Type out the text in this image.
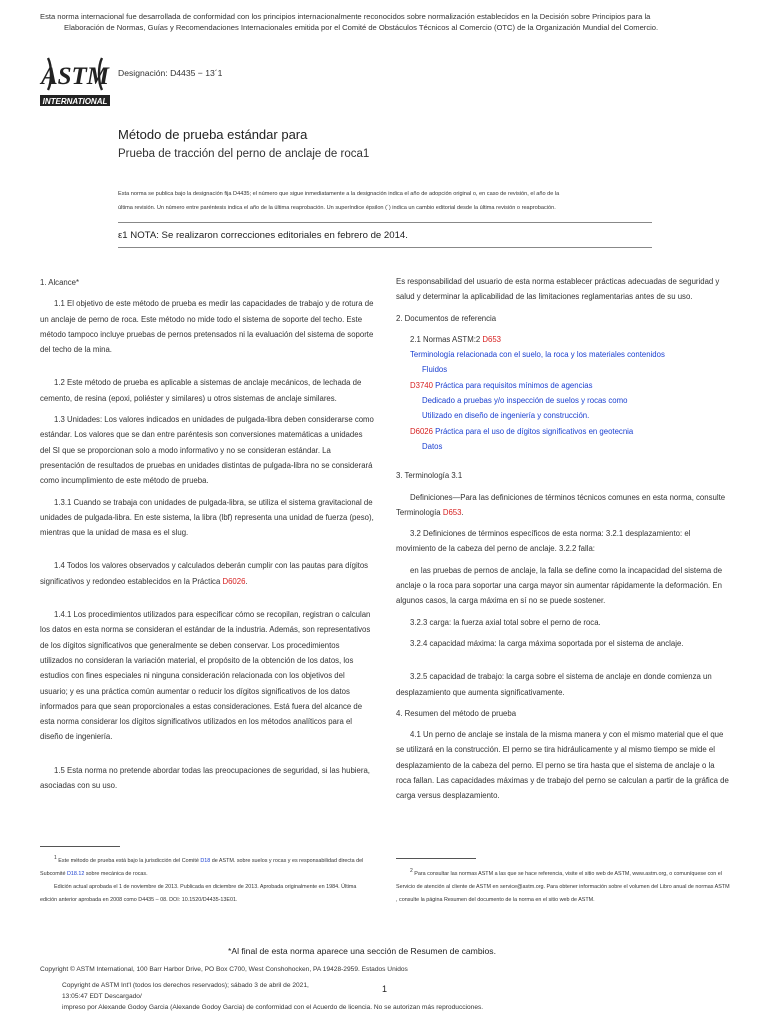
Esta norma internacional fue desarrollada de conformidad con los principios internacionalmente reconocidos sobre normalización establecidos en la Decisión sobre Principios para la
Elaboración de Normas, Guías y Recomendaciones Internacionales emitida por el Comité de Obstáculos Técnicos al Comercio (OTC) de la Organización Mundial del Comercio.
ASTM
INTERNATIONAL
Designación: D4435 − 13´1
Método de prueba estándar para
Prueba de tracción del perno de anclaje de roca1
Esta norma se publica bajo la designación fija D4435; el número que sigue inmediatamente a la designación indica el año de adopción original o, en caso de revisión, el año de la
última revisión. Un número entre paréntesis indica el año de la última reaprobación. Un superíndice épsilon (´) indica un cambio editorial desde la última revisión o reaprobación.
ε1 NOTA: Se realizaron correcciones editoriales en febrero de 2014.

1. Alcance*

1.1 El objetivo de este método de prueba es medir las capacidades de trabajo y de rotura de un anclaje de perno de roca. Este método no mide todo el sistema de soporte del techo. Este método tampoco incluye pruebas de pernos pretensados ni la evaluación del sistema de soporte del techo de la mina.

1.2 Este método de prueba es aplicable a sistemas de anclaje mecánicos, de lechada de cemento, de resina (epoxi, poliéster y similares) u otros sistemas de anclaje similares.

1.3 Unidades: Los valores indicados en unidades de pulgada-libra deben considerarse como estándar. Los valores que se dan entre paréntesis son conversiones matemáticas a unidades del SI que se proporcionan solo a modo informativo y no se consideran estándar. La presentación de resultados de pruebas en unidades distintas de pulgada-libra no se considerará como incumplimiento de este método de prueba.

1.3.1 Cuando se trabaja con unidades de pulgada-libra, se utiliza el sistema gravitacional de unidades de pulgada-libra. En este sistema, la libra (lbf) representa una unidad de fuerza (peso), mientras que la unidad de masa es el slug.

1.4 Todos los valores observados y calculados deberán cumplir con las pautas para dígitos significativos y redondeo establecidos en la Práctica D6026.

1.4.1 Los procedimientos utilizados para especificar cómo se recopilan, registran o calculan los datos en esta norma se consideran el estándar de la industria. Además, son representativos de los dígitos significativos que generalmente se deben conservar. Los procedimientos utilizados no consideran la variación material, el propósito de la obtención de los datos, los estudios con fines especiales ni ninguna consideración relacionada con los objetivos del usuario; y es una práctica común aumentar o reducir los dígitos significativos de los datos informados para que sean proporcionales a estas consideraciones. Está fuera del alcance de esta norma considerar los dígitos significativos utilizados en los métodos analíticos para el diseño de ingeniería.

1.5 Esta norma no pretende abordar todas las preocupaciones de seguridad, si las hubiera, asociadas con su uso.

$^1$ Este método de prueba está bajo la jurisdicción del Comité D18 de ASTM. sobre suelos y rocas y es responsabilidad directa del Subcomité D18.12 sobre mecánica de rocas.
Edición actual aprobada el 1 de noviembre de 2013. Publicada en diciembre de 2013. Aprobada originalmente en 1984. Última edición anterior aprobada en 2008 como D4435 – 08. DOI: 10.1520/D4435-13E01.

Es responsabilidad del usuario de esta norma establecer prácticas adecuadas de seguridad y salud y determinar la aplicabilidad de las limitaciones reglamentarias antes de su uso.

2. Documentos de referencia

2.1 Normas ASTM:2 D653

Terminología relacionada con el suelo, la roca y los materiales contenidos

Fluidos

D3740 Práctica para requisitos mínimos de agencias

Dedicado a pruebas y/o inspección de suelos y rocas como

Utilizado en diseño de ingeniería y construcción.

D6026 Práctica para el uso de dígitos significativos en geotecnia

Datos

3. Terminología 3.1

Definiciones—Para las definiciones de términos técnicos comunes en esta norma, consulte Terminología D653.

3.2 Definiciones de términos específicos de esta norma: 3.2.1 desplazamiento: el movimiento de la cabeza del perno de anclaje. 3.2.2 falla:

en las pruebas de pernos de anclaje, la falla se define como la incapacidad del sistema de anclaje o la roca para soportar una carga mayor sin aumentar rápidamente la deformación. En algunos casos, la carga máxima en sí no se puede sostener.

3.2.3 carga: la fuerza axial total sobre el perno de roca.

3.2.4 capacidad máxima: la carga máxima soportada por el sistema de anclaje.

3.2.5 capacidad de trabajo: la carga sobre el sistema de anclaje en donde comienza un desplazamiento que aumenta significativamente.

4. Resumen del método de prueba

4.1 Un perno de anclaje se instala de la misma manera y con el mismo material que el que se utilizará en la construcción. El perno se tira hidráulicamente y al mismo tiempo se mide el desplazamiento de la cabeza del perno. El perno se tira hasta que el sistema de anclaje o la roca fallan. Las capacidades máximas y de trabajo del perno se calculan a partir de la gráfica de carga versus desplazamiento.

$^2$ Para consultar las normas ASTM a las que se hace referencia, visite el sitio web de ASTM, www.astm.org, o comuníquese con el Servicio de atención al cliente de ASTM en service@astm.org. Para obtener información sobre el volumen del Libro anual de normas ASTM , consulte la página Resumen del documento de la norma en el sitio web de ASTM.
*Al final de esta norma aparece una sección de Resumen de cambios.
Copyright © ASTM International, 100 Barr Harbor Drive, PO Box C700, West Conshohocken, PA 19428-2959. Estados Unidos
Copyright de ASTM Int'l (todos los derechos reservados); sábado 3 de abril de 2021,
13:05:47 EDT Descargado/
impreso por Alexande Godoy Garcia (Alexande Godoy Garcia) de conformidad con el Acuerdo de licencia. No se autorizan más reproducciones.
1
